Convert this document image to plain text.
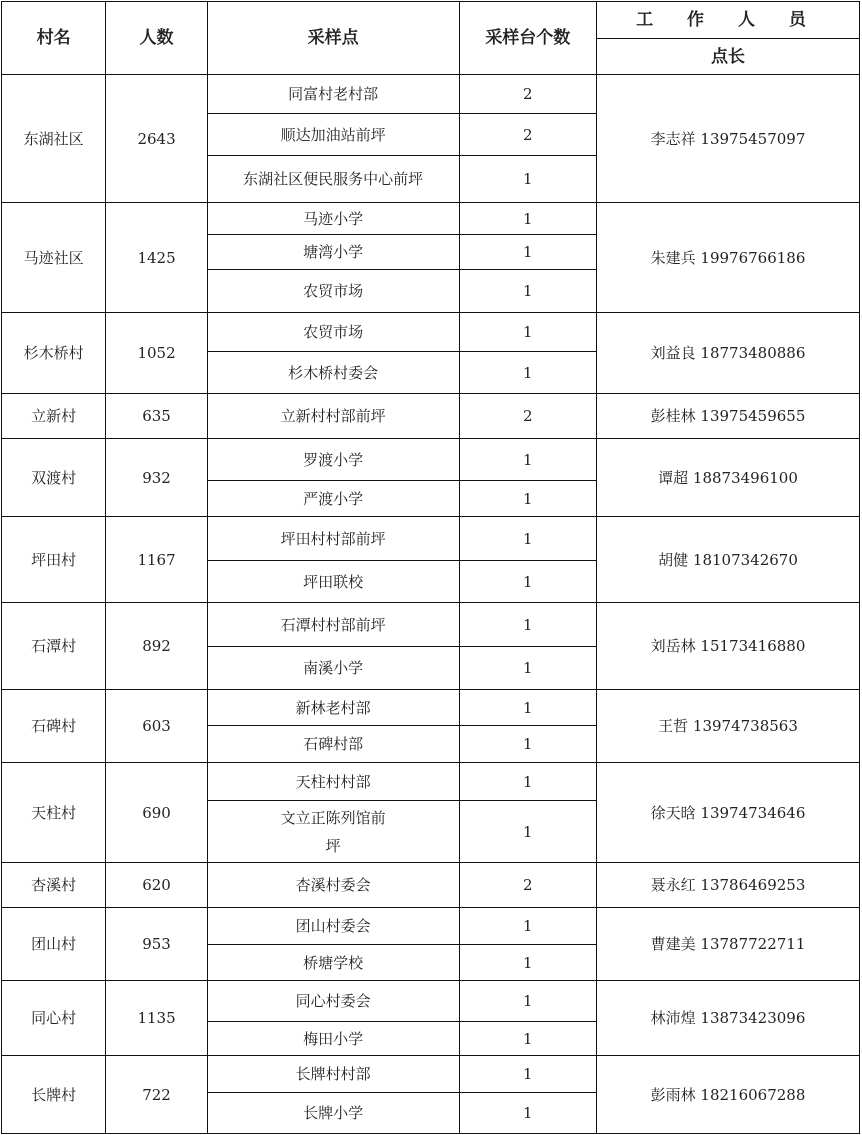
村名	人数	采样点	采样台个数	工 作 人 员
				点长
东湖社区	2643	同富村老村部	2	李志祥 13975457097
		顺达加油站前坪	2	
		东湖社区便民服务中心前坪	1	
马迹社区	1425	马迹小学	1	朱建兵 19976766186
		塘湾小学	1	
		农贸市场	1	
杉木桥村	1052	农贸市场	1	刘益良 18773480886
		杉木桥村委会	1	
立新村	635	立新村村部前坪	2	彭桂林 13975459655
双渡村	932	罗渡小学	1	谭超 18873496100
		严渡小学	1	
坪田村	1167	坪田村村部前坪	1	胡健 18107342670
		坪田联校	1	
石潭村	892	石潭村村部前坪	1	刘岳林 15173416880
		南溪小学	1	
石碑村	603	新林老村部	1	王哲 13974738563
		石碑村部	1	
天柱村	690	天柱村村部	1	徐天晗 13974734646
		文立正陈列馆前坪	1	
杏溪村	620	杏溪村委会	2	聂永红 13786469253
团山村	953	团山村委会	1	曹建美 13787722711
		桥塘学校	1	
同心村	1135	同心村委会	1	林沛煌 13873423096
		梅田小学	1	
长牌村	722	长牌村村部	1	彭雨林 18216067288
		长牌小学	1	
